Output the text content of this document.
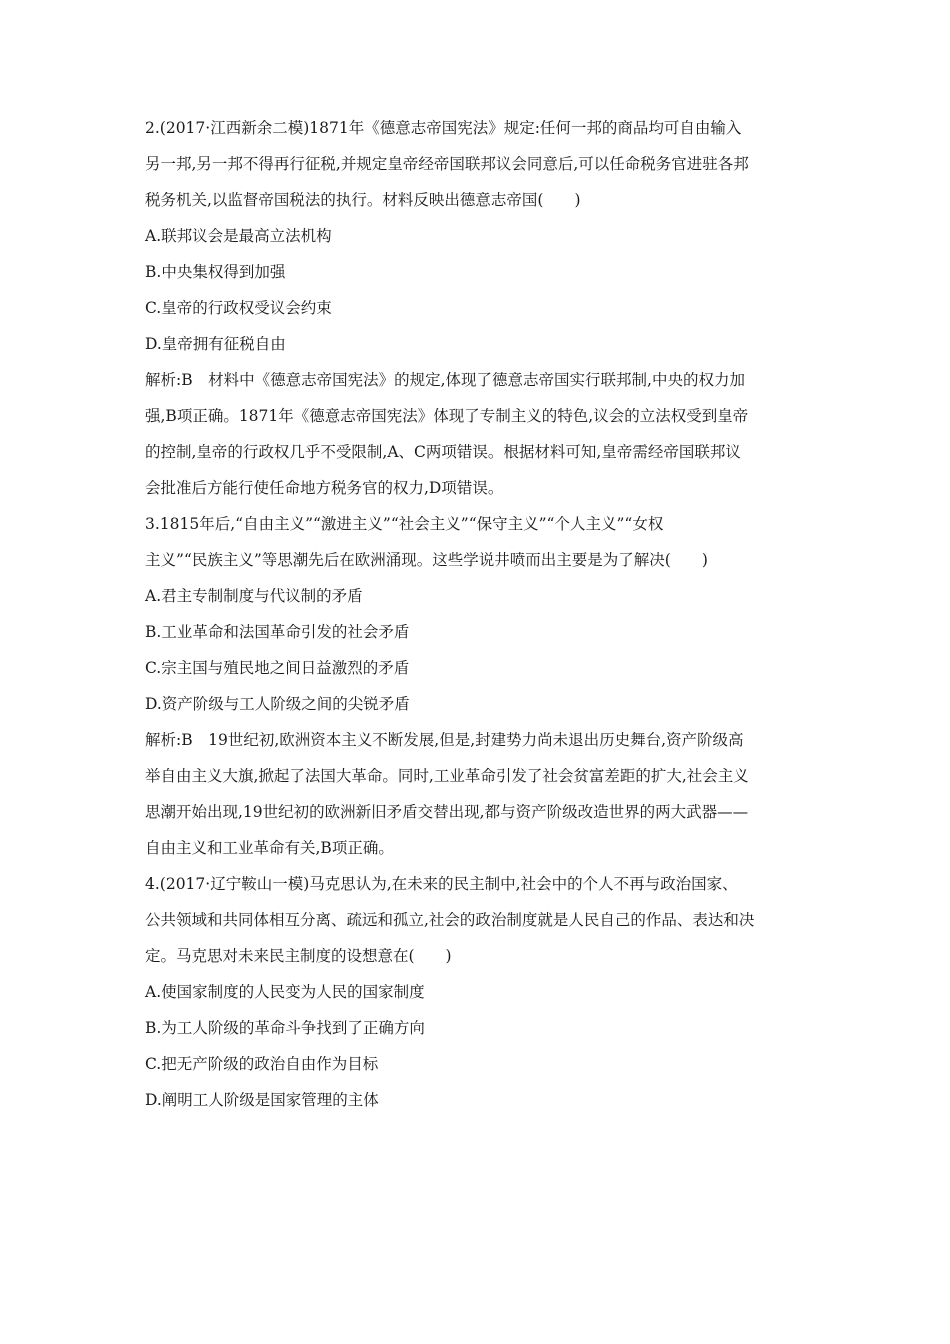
2.(2017·江西新余二模)1871年《德意志帝国宪法》规定:任何一邦的商品均可自由输入
另一邦,另一邦不得再行征税,并规定皇帝经帝国联邦议会同意后,可以任命税务官进驻各邦
税务机关,以监督帝国税法的执行。材料反映出德意志帝国(　　)
A.联邦议会是最高立法机构
B.中央集权得到加强
C.皇帝的行政权受议会约束
D.皇帝拥有征税自由
解析:B　材料中《德意志帝国宪法》的规定,体现了德意志帝国实行联邦制,中央的权力加
强,B项正确。1871年《德意志帝国宪法》体现了专制主义的特色,议会的立法权受到皇帝
的控制,皇帝的行政权几乎不受限制,A、C两项错误。根据材料可知,皇帝需经帝国联邦议
会批准后方能行使任命地方税务官的权力,D项错误。
3.1815年后,“自由主义”“激进主义”“社会主义”“保守主义”“个人主义”“女权
主义”“民族主义”等思潮先后在欧洲涌现。这些学说井喷而出主要是为了解决(　　)
A.君主专制制度与代议制的矛盾
B.工业革命和法国革命引发的社会矛盾
C.宗主国与殖民地之间日益激烈的矛盾
D.资产阶级与工人阶级之间的尖锐矛盾
解析:B　19世纪初,欧洲资本主义不断发展,但是,封建势力尚未退出历史舞台,资产阶级高
举自由主义大旗,掀起了法国大革命。同时,工业革命引发了社会贫富差距的扩大,社会主义
思潮开始出现,19世纪初的欧洲新旧矛盾交替出现,都与资产阶级改造世界的两大武器——
自由主义和工业革命有关,B项正确。
4.(2017·辽宁鞍山一模)马克思认为,在未来的民主制中,社会中的个人不再与政治国家、
公共领域和共同体相互分离、疏远和孤立,社会的政治制度就是人民自己的作品、表达和决
定。马克思对未来民主制度的设想意在(　　)
A.使国家制度的人民变为人民的国家制度
B.为工人阶级的革命斗争找到了正确方向
C.把无产阶级的政治自由作为目标
D.阐明工人阶级是国家管理的主体
